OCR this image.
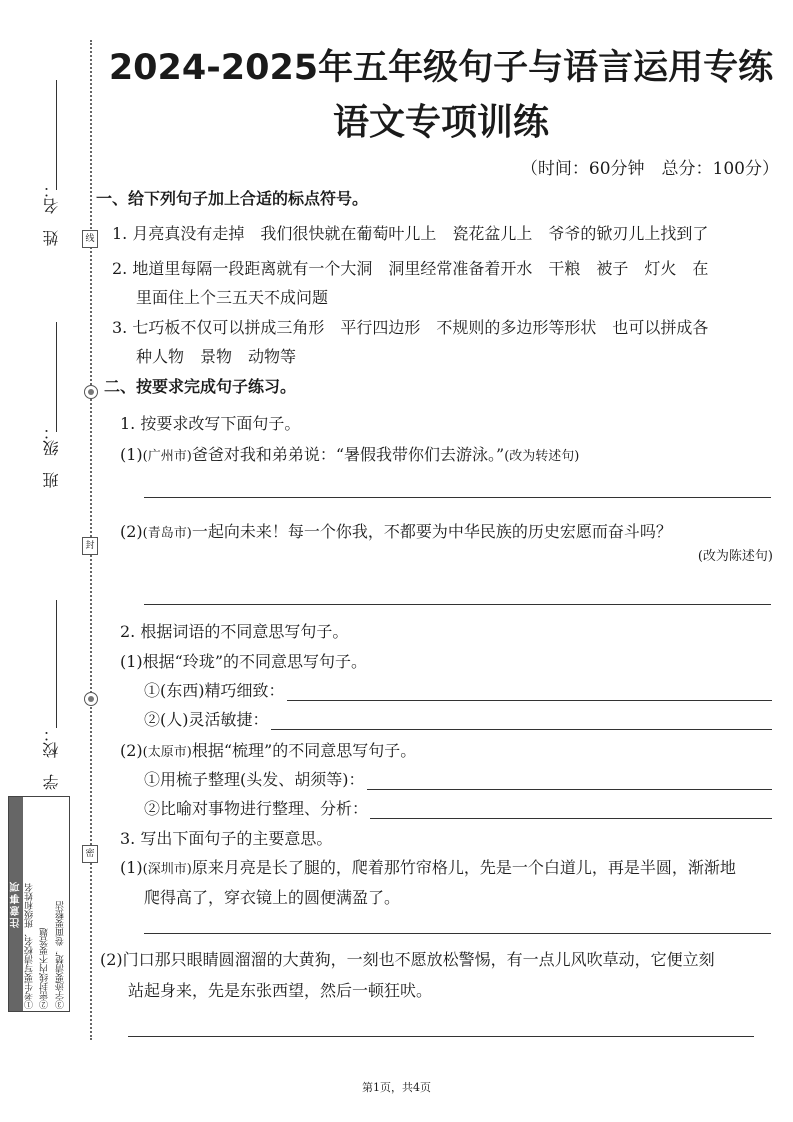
线
封
密
姓　名：
班　级：
学　校：
注意事项 ①考生要写清校名、班级和姓名 ②密封线内不要答题 ③字迹要清楚，卷面要整洁
2024-2025年五年级句子与语言运用专练
语文专项训练
（时间：60分钟　总分：100分）
一、给下列句子加上合适的标点符号。
1. 月亮真没有走掉　我们很快就在葡萄叶儿上　瓷花盆儿上　爷爷的锨刃儿上找到了
2. 地道里每隔一段距离就有一个大洞　洞里经常准备着开水　干粮　被子　灯火　在
里面住上个三五天不成问题
3. 七巧板不仅可以拼成三角形　平行四边形　不规则的多边形等形状　也可以拼成各
种人物　景物　动物等
二、按要求完成句子练习。
1. 按要求改写下面句子。
(1)(广州市)爸爸对我和弟弟说：“暑假我带你们去游泳。”(改为转述句)
(2)(青岛市)一起向未来！每一个你我，不都要为中华民族的历史宏愿而奋斗吗？
(改为陈述句)
2. 根据词语的不同意思写句子。
(1)根据“玲珑”的不同意思写句子。
①(东西)精巧细致：
②(人)灵活敏捷：
(2)(太原市)根据“梳理”的不同意思写句子。
①用梳子整理(头发、胡须等)：
②比喻对事物进行整理、分析：
3. 写出下面句子的主要意思。
(1)(深圳市)原来月亮是长了腿的，爬着那竹帘格儿，先是一个白道儿，再是半圆，渐渐地
爬得高了，穿衣镜上的圆便满盈了。
(2)门口那只眼睛圆溜溜的大黄狗，一刻也不愿放松警惕，有一点儿风吹草动，它便立刻
站起身来，先是东张西望，然后一顿狂吠。
第1页，共4页
